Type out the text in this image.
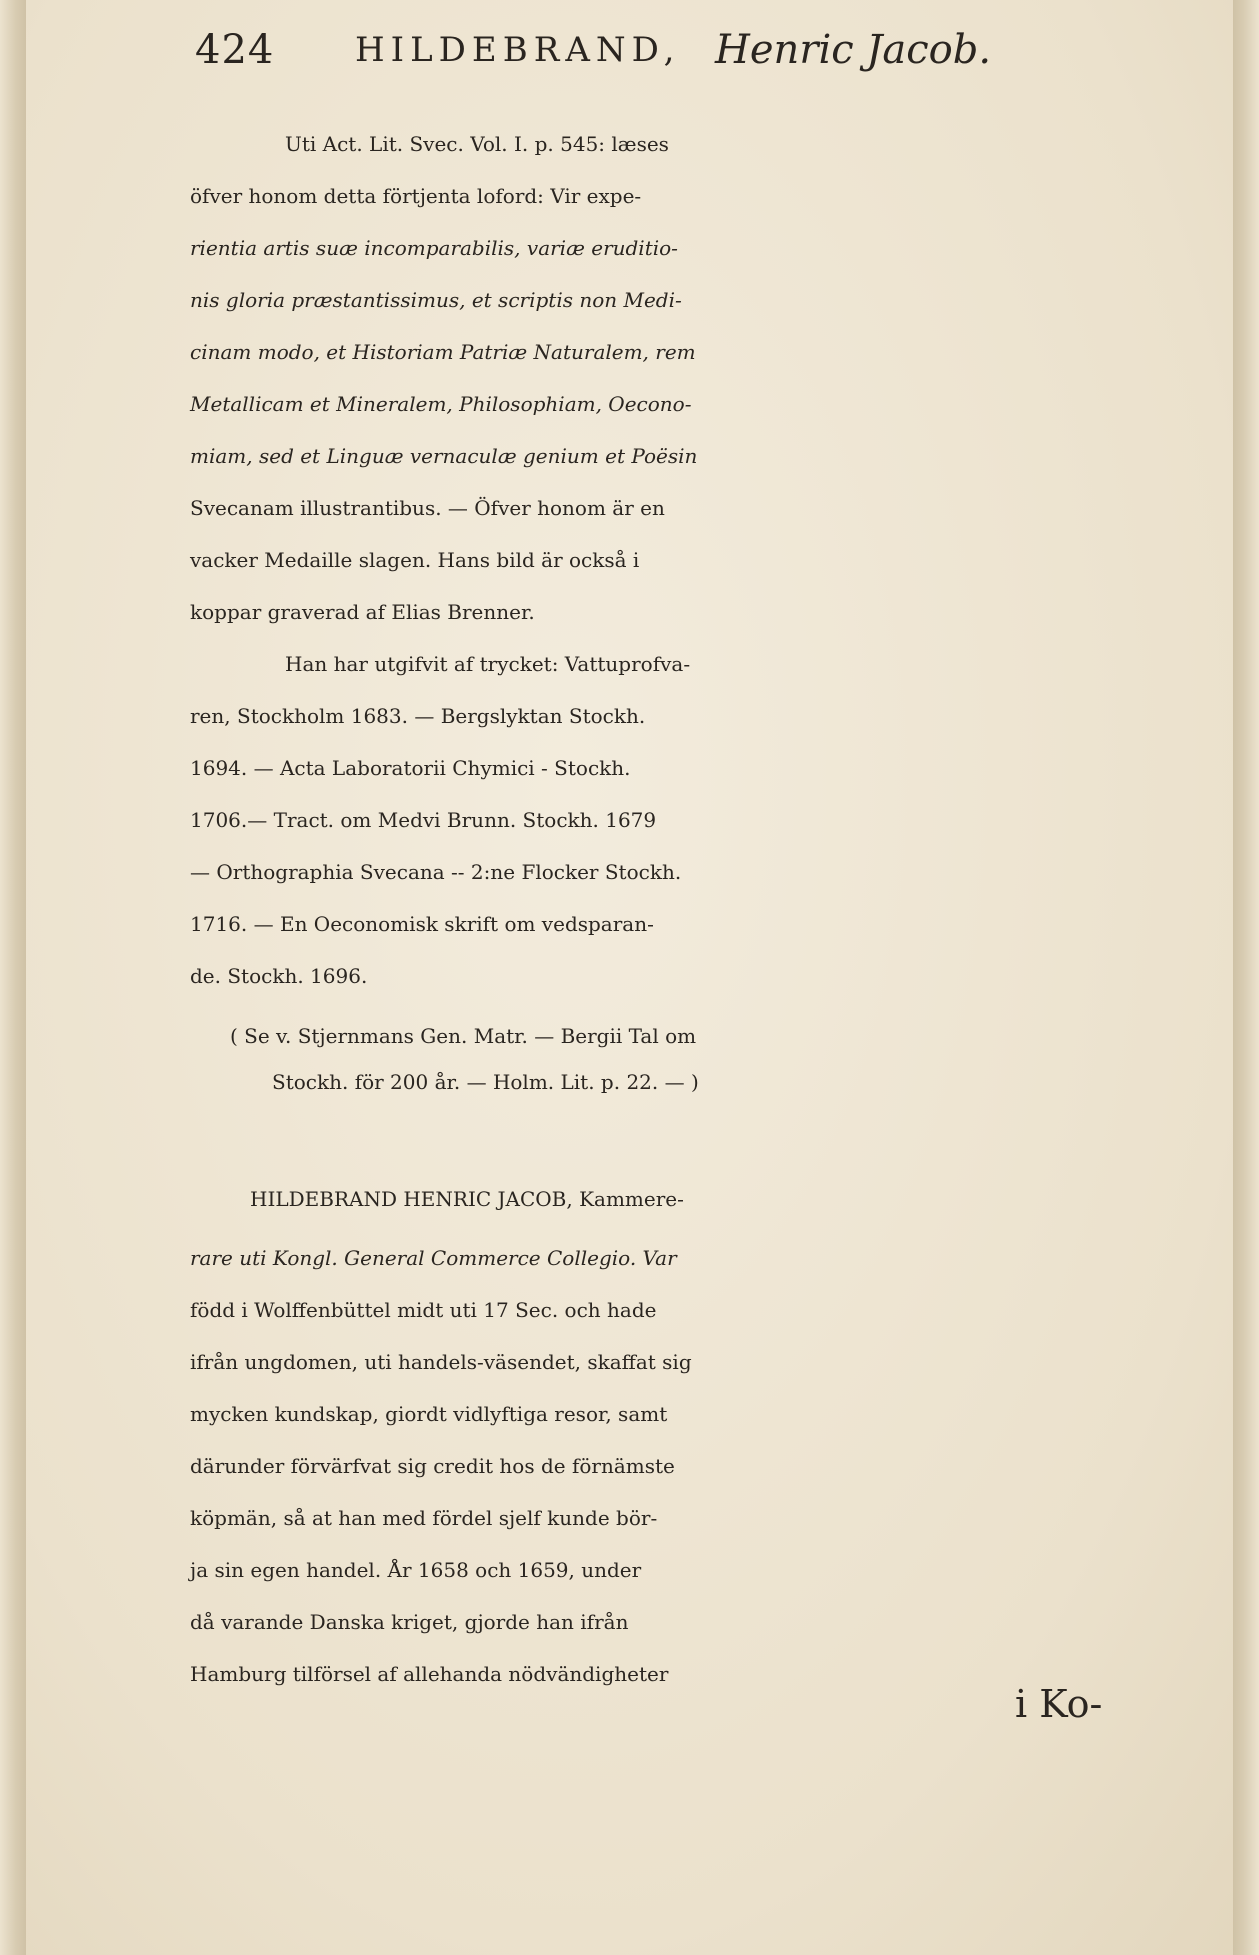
424 HILDEBRAND, Henric Jacob.
Uti Act. Lit. Svec. Vol. I. p. 545: læses
öfver honom detta förtjenta loford: Vir expe-
rientia artis suæ incomparabilis, variæ eruditio-
nis gloria præstantissimus, et scriptis non Medi-
cinam modo, et Historiam Patriæ Naturalem, rem
Metallicam et Mineralem, Philosophiam, Oecono-
miam, sed et Linguæ vernaculæ genium et Poësin
Svecanam illustrantibus. — Öfver honom är en
vacker Medaille slagen. Hans bild är också i
koppar graverad af Elias Brenner.
Han har utgifvit af trycket: Vattuprofva-
ren, Stockholm 1683. — Bergslyktan Stockh.
1694. — Acta Laboratorii Chymici - Stockh.
1706.— Tract. om Medvi Brunn. Stockh. 1679
— Orthographia Svecana -- 2:ne Flocker Stockh.
1716. — En Oeconomisk skrift om vedsparan-
de. Stockh. 1696.
( Se v. Stjernmans Gen. Matr. — Bergii Tal om
Stockh. för 200 år. — Holm. Lit. p. 22. — )
HILDEBRAND HENRIC JACOB, Kammere-
rare uti Kongl. General Commerce Collegio. Var
född i Wolffenbüttel midt uti 17 Sec. och hade
ifrån ungdomen, uti handels-väsendet, skaffat sig
mycken kundskap, giordt vidlyftiga resor, samt
därunder förvärfvat sig credit hos de förnämste
köpmän, så at han med fördel sjelf kunde bör-
ja sin egen handel. År 1658 och 1659, under
då varande Danska kriget, gjorde han ifrån
Hamburg tilförsel af allehanda nödvändigheter
i Ko-
